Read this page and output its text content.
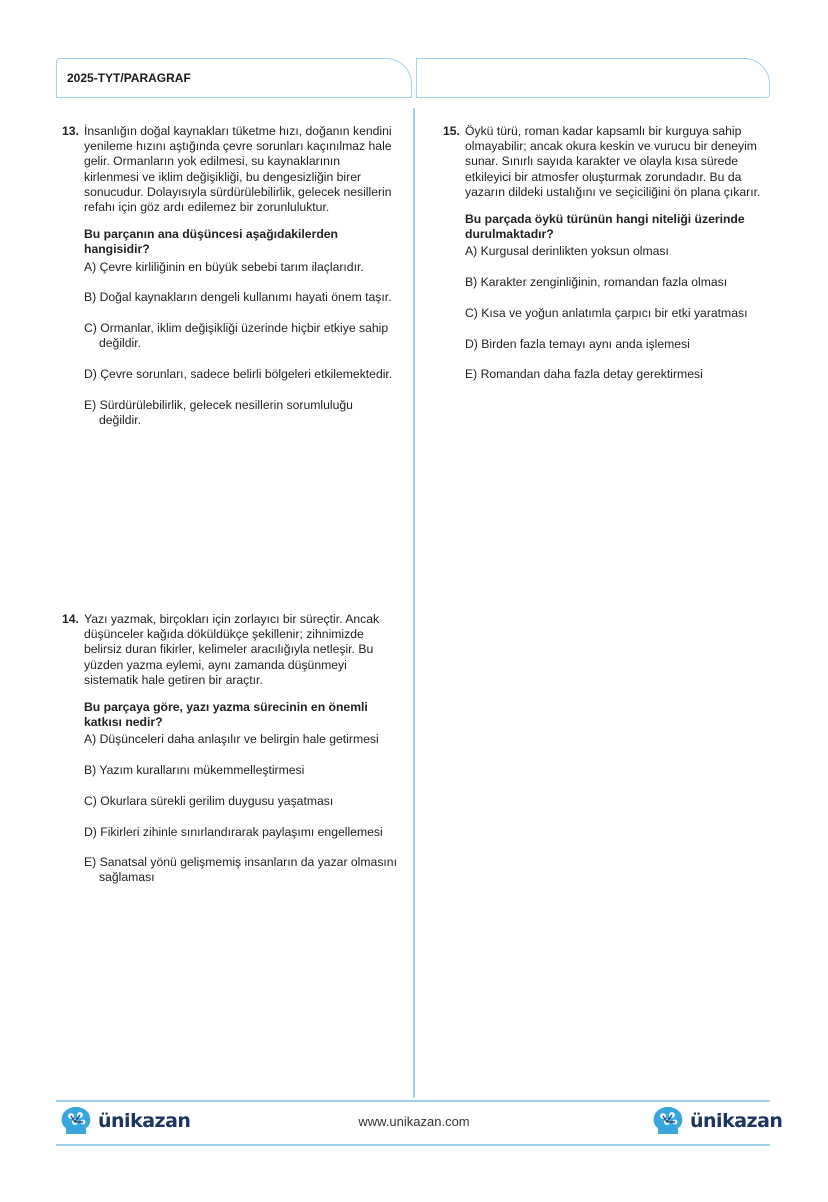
2025-TYT/PARAGRAF
13. İnsanlığın doğal kaynakları tüketme hızı, doğanın kendini yenileme hızını aştığında çevre sorunları kaçınılmaz hale gelir. Ormanların yok edilmesi, su kaynaklarının kirlenmesi ve iklim değişikliği, bu dengesizliğin birer sonucudur. Dolayısıyla sürdürülebilirlik, gelecek nesillerin refahı için göz ardı edilemez bir zorunluluktur.
Bu parçanın ana düşüncesi aşağıdakilerden hangisidir?
A) Çevre kirliliğinin en büyük sebebi tarım ilaçlarıdır.
B) Doğal kaynakların dengeli kullanımı hayati önem taşır.
C) Ormanlar, iklim değişikliği üzerinde hiçbir etkiye sahip değildir.
D) Çevre sorunları, sadece belirli bölgeleri etkilemektedir.
E) Sürdürülebilirlik, gelecek nesillerin sorumluluğu değildir.
14. Yazı yazmak, birçokları için zorlayıcı bir süreçtir. Ancak düşünceler kağıda döküldükçe şekillenir; zihnimizde belirsiz duran fikirler, kelimeler aracılığıyla netleşir. Bu yüzden yazma eylemi, aynı zamanda düşünmeyi sistematik hale getiren bir araçtır.
Bu parçaya göre, yazı yazma sürecinin en önemli katkısı nedir?
A) Düşünceleri daha anlaşılır ve belirgin hale getirmesi
B) Yazım kurallarını mükemmelleştirmesi
C) Okurlara sürekli gerilim duygusu yaşatması
D) Fikirleri zihinle sınırlandırarak paylaşımı engellemesi
E) Sanatsal yönü gelişmemiş insanların da yazar olmasını sağlaması
15. Öykü türü, roman kadar kapsamlı bir kurguya sahip olmayabilir; ancak okura keskin ve vurucu bir deneyim sunar. Sınırlı sayıda karakter ve olayla kısa sürede etkileyici bir atmosfer oluşturmak zorundadır. Bu da yazarın dildeki ustalığını ve seçiciliğini ön plana çıkarır.
Bu parçada öykü türünün hangi niteliği üzerinde durulmaktadır?
A) Kurgusal derinlikten yoksun olması
B) Karakter zenginliğinin, romandan fazla olması
C) Kısa ve yoğun anlatımla çarpıcı bir etki yaratması
D) Birden fazla temayı aynı anda işlemesi
E) Romandan daha fazla detay gerektirmesi
ünikazan	www.unikazan.com	ünikazan
